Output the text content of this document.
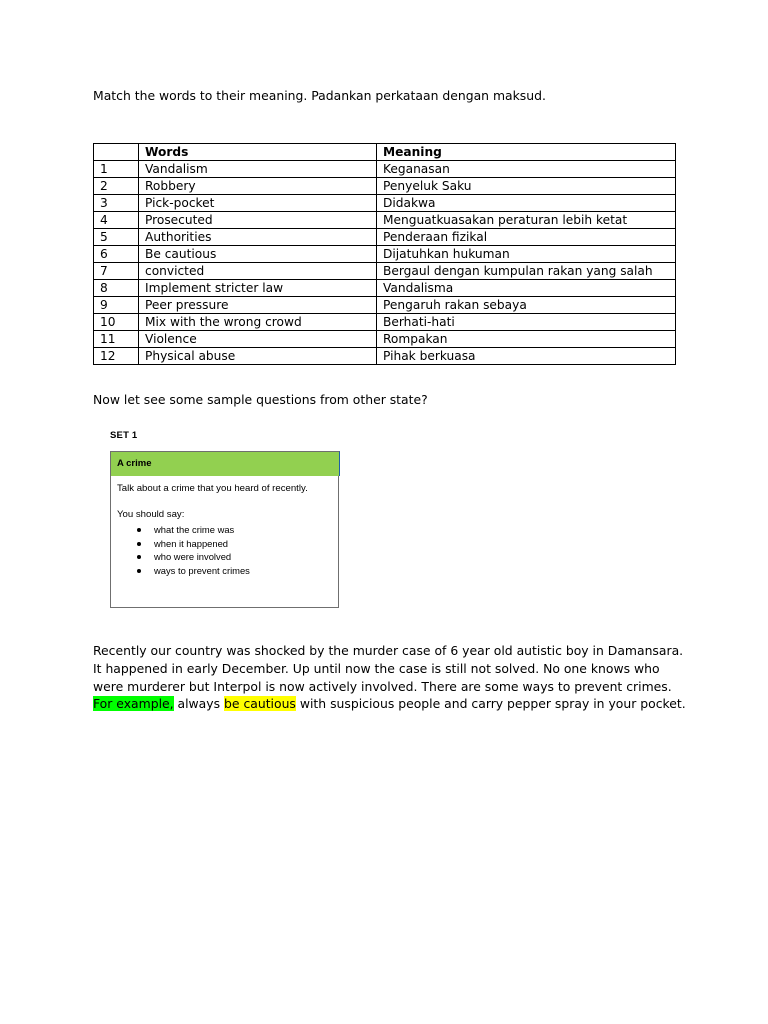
Match the words to their meaning. Padankan perkataan dengan maksud.
	Words	Meaning
1	Vandalism	Keganasan
2	Robbery	Penyeluk Saku
3	Pick-pocket	Didakwa
4	Prosecuted	Menguatkuasakan peraturan lebih ketat
5	Authorities	Penderaan fizikal
6	Be cautious	Dijatuhkan hukuman
7	convicted	Bergaul dengan kumpulan rakan yang salah
8	Implement stricter law	Vandalisma
9	Peer pressure	Pengaruh rakan sebaya
10	Mix with the wrong crowd	Berhati-hati
11	Violence	Rompakan
12	Physical abuse	Pihak berkuasa
Now let see some sample questions from other state?
SET 1
A crime
Talk about a crime that you heard of recently.
You should say:
what the crime was
when it happened
who were involved
ways to prevent crimes
Recently our country was shocked by the murder case of 6 year old autistic boy in Damansara. It happened in early December. Up until now the case is still not solved. No one knows who were murderer but Interpol is now actively involved. There are some ways to prevent crimes. For example, always be cautious with suspicious people and carry pepper spray in your pocket.
